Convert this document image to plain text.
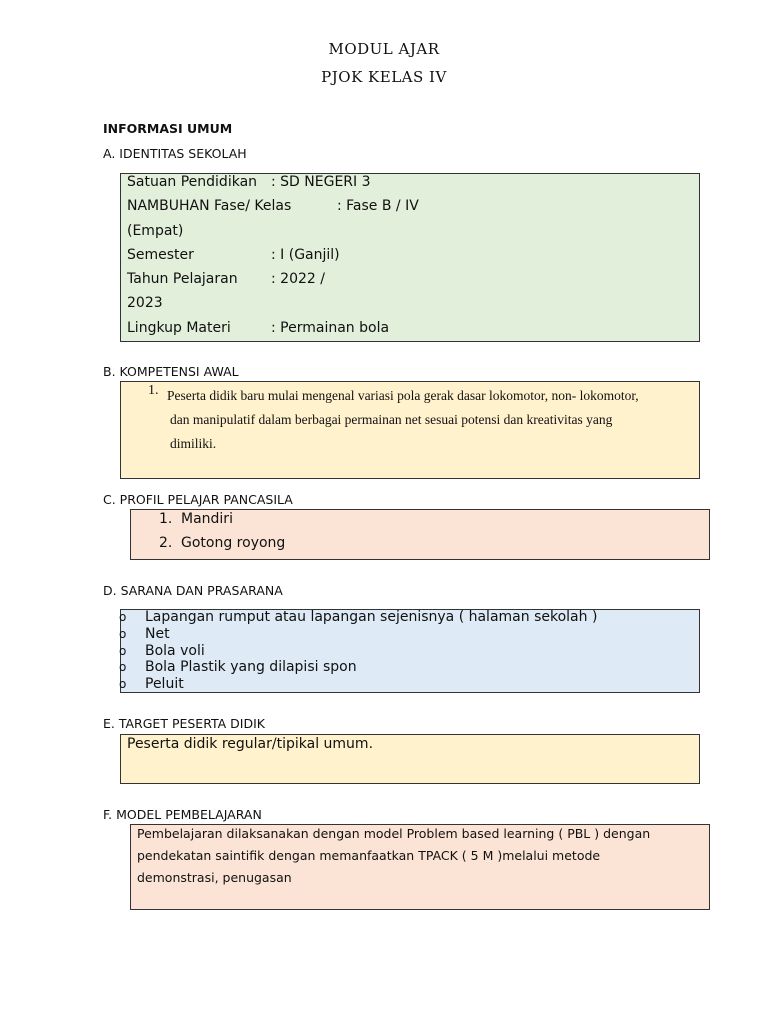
MODUL AJAR
PJOK KELAS IV
INFORMASI UMUM
A. IDENTITAS SEKOLAH
Satuan Pendidikan : SD NEGERI 3
NAMBUHAN Fase/ Kelas	: Fase B / IV
(Empat)
Semester	: I (Ganjil)
Tahun Pelajaran : 2022 /
2023
Lingkup Materi	: Permainan bola
B. KOMPETENSI AWAL
1. Peserta didik baru mulai mengenal variasi pola gerak dasar lokomotor, non- lokomotor,
dan manipulatif dalam berbagai permainan net sesuai potensi dan kreativitas yang
dimiliki.
C. PROFIL PELAJAR PANCASILA
1. Mandiri
2. Gotong royong
D. SARANA DAN PRASARANA
o Lapangan rumput atau lapangan sejenisnya ( halaman sekolah )
o Net
o Bola voli
o Bola Plastik yang dilapisi spon
o Peluit
E. TARGET PESERTA DIDIK
Peserta didik regular/tipikal umum.
F. MODEL PEMBELAJARAN
Pembelajaran dilaksanakan dengan model Problem based learning ( PBL ) dengan
pendekatan saintifik dengan memanfaatkan TPACK ( 5 M )melalui metode
demonstrasi, penugasan
